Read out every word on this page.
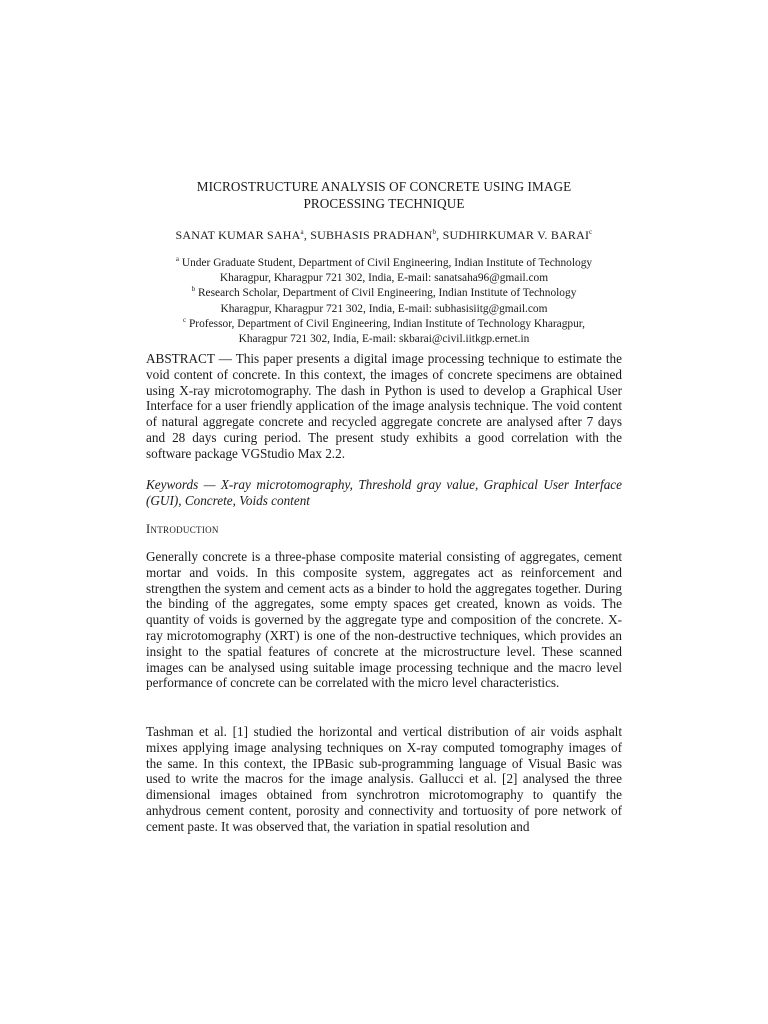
MICROSTRUCTURE ANALYSIS OF CONCRETE USING IMAGE
PROCESSING TECHNIQUE
SANAT KUMAR SAHA$^a$, SUBHASIS PRADHAN$^b$, SUDHIRKUMAR V. BARAI$^c$
$^a$ Under Graduate Student, Department of Civil Engineering, Indian Institute of Technology
Kharagpur, Kharagpur 721 302, India, E-mail: sanatsaha96@gmail.com
$^b$ Research Scholar, Department of Civil Engineering, Indian Institute of Technology
Kharagpur, Kharagpur 721 302, India, E-mail: subhasisiitg@gmail.com
$^c$ Professor, Department of Civil Engineering, Indian Institute of Technology Kharagpur,
Kharagpur 721 302, India, E-mail: skbarai@civil.iitkgp.ernet.in

ABSTRACT — This paper presents a digital image processing technique to estimate the void content of concrete. In this context, the images of concrete specimens are obtained using X-ray microtomography. The dash in Python is used to develop a Graphical User Interface for a user friendly application of the image analysis technique. The void content of natural aggregate concrete and recycled aggregate concrete are analysed after 7 days and 28 days curing period. The present study exhibits a good correlation with the software package VGStudio Max 2.2.

Keywords — X-ray microtomography, Threshold gray value, Graphical User Interface (GUI), Concrete, Voids content

Introduction

Generally concrete is a three-phase composite material consisting of aggregates, cement mortar and voids. In this composite system, aggregates act as reinforcement and strengthen the system and cement acts as a binder to hold the aggregates together. During the binding of the aggregates, some empty spaces get created, known as voids. The quantity of voids is governed by the aggregate type and composition of the concrete. X-ray microtomography (XRT) is one of the non-destructive techniques, which provides an insight to the spatial features of concrete at the microstructure level. These scanned images can be analysed using suitable image processing technique and the macro level performance of concrete can be correlated with the micro level characteristics.

Tashman et al. [1] studied the horizontal and vertical distribution of air voids asphalt mixes applying image analysing techniques on X-ray computed tomography images of the same. In this context, the IPBasic sub-programming language of Visual Basic was used to write the macros for the image analysis. Gallucci et al. [2] analysed the three dimensional images obtained from synchrotron microtomography to quantify the anhydrous cement content, porosity and connectivity and tortuosity of pore network of cement paste. It was observed that, the variation in spatial resolution and
